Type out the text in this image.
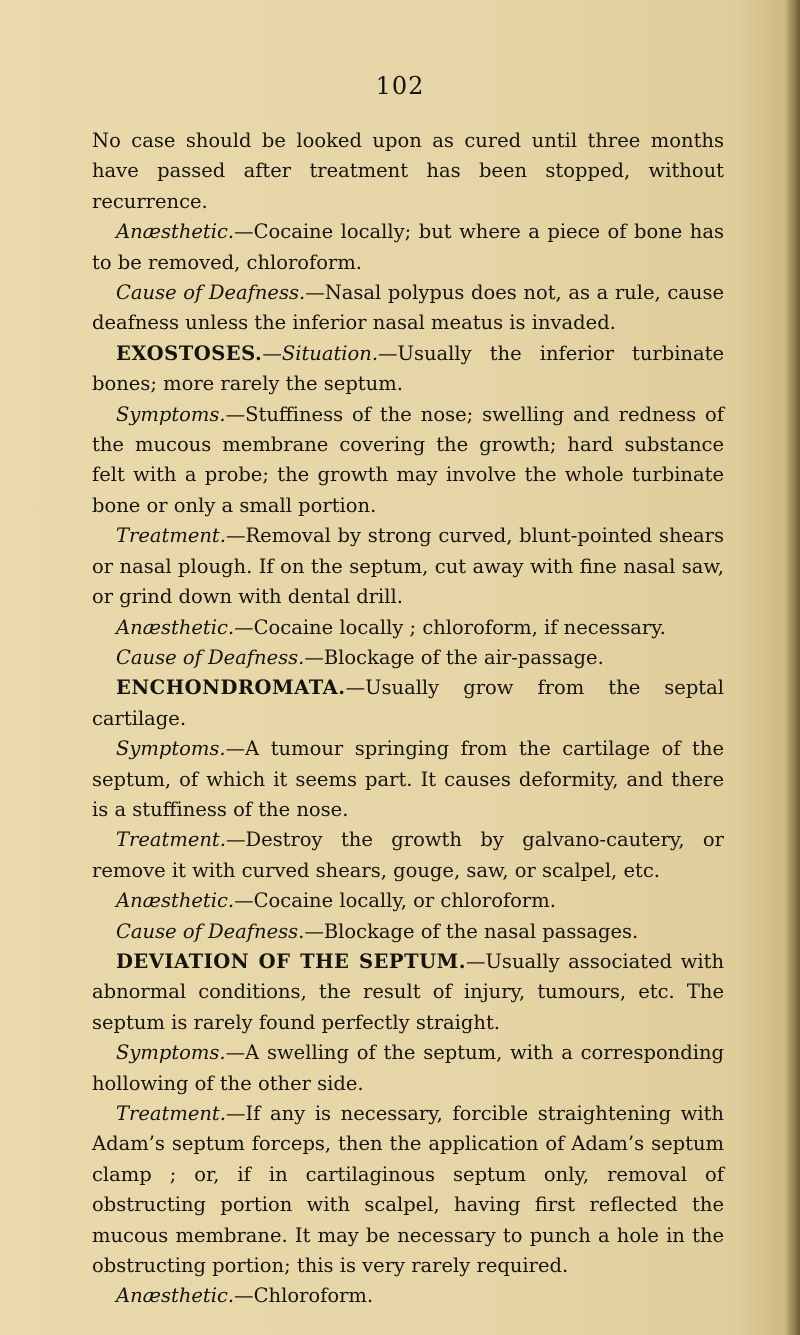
102

No case should be looked upon as cured until three months have passed after treatment has been stopped, without recurrence.

Anæsthetic.—Cocaine locally; but where a piece of bone has to be removed, chloroform.

Cause of Deafness.—Nasal polypus does not, as a rule, cause deafness unless the inferior nasal meatus is invaded.

EXOSTOSES.—Situation.—Usually the inferior turbinate bones; more rarely the septum.

Symptoms.—Stuffiness of the nose; swelling and redness of the mucous membrane covering the growth; hard substance felt with a probe; the growth may involve the whole turbinate bone or only a small portion.

Treatment.—Removal by strong curved, blunt-pointed shears or nasal plough. If on the septum, cut away with fine nasal saw, or grind down with dental drill.

Anæsthetic.—Cocaine locally ; chloroform, if necessary.

Cause of Deafness.—Blockage of the air-passage.

ENCHONDROMATA.—Usually grow from the septal cartilage.

Symptoms.—A tumour springing from the cartilage of the septum, of which it seems part. It causes deformity, and there is a stuffiness of the nose.

Treatment.—Destroy the growth by galvano-cautery, or remove it with curved shears, gouge, saw, or scalpel, etc.

Anæsthetic.—Cocaine locally, or chloroform.

Cause of Deafness.—Blockage of the nasal passages.

DEVIATION OF THE SEPTUM.—Usually associated with abnormal conditions, the result of injury, tumours, etc. The septum is rarely found perfectly straight.

Symptoms.—A swelling of the septum, with a corresponding hollowing of the other side.

Treatment.—If any is necessary, forcible straightening with Adam’s septum forceps, then the application of Adam’s septum clamp ; or, if in cartilaginous septum only, removal of obstructing portion with scalpel, having first reflected the mucous membrane. It may be necessary to punch a hole in the obstructing portion; this is very rarely required.

Anæsthetic.—Chloroform.
